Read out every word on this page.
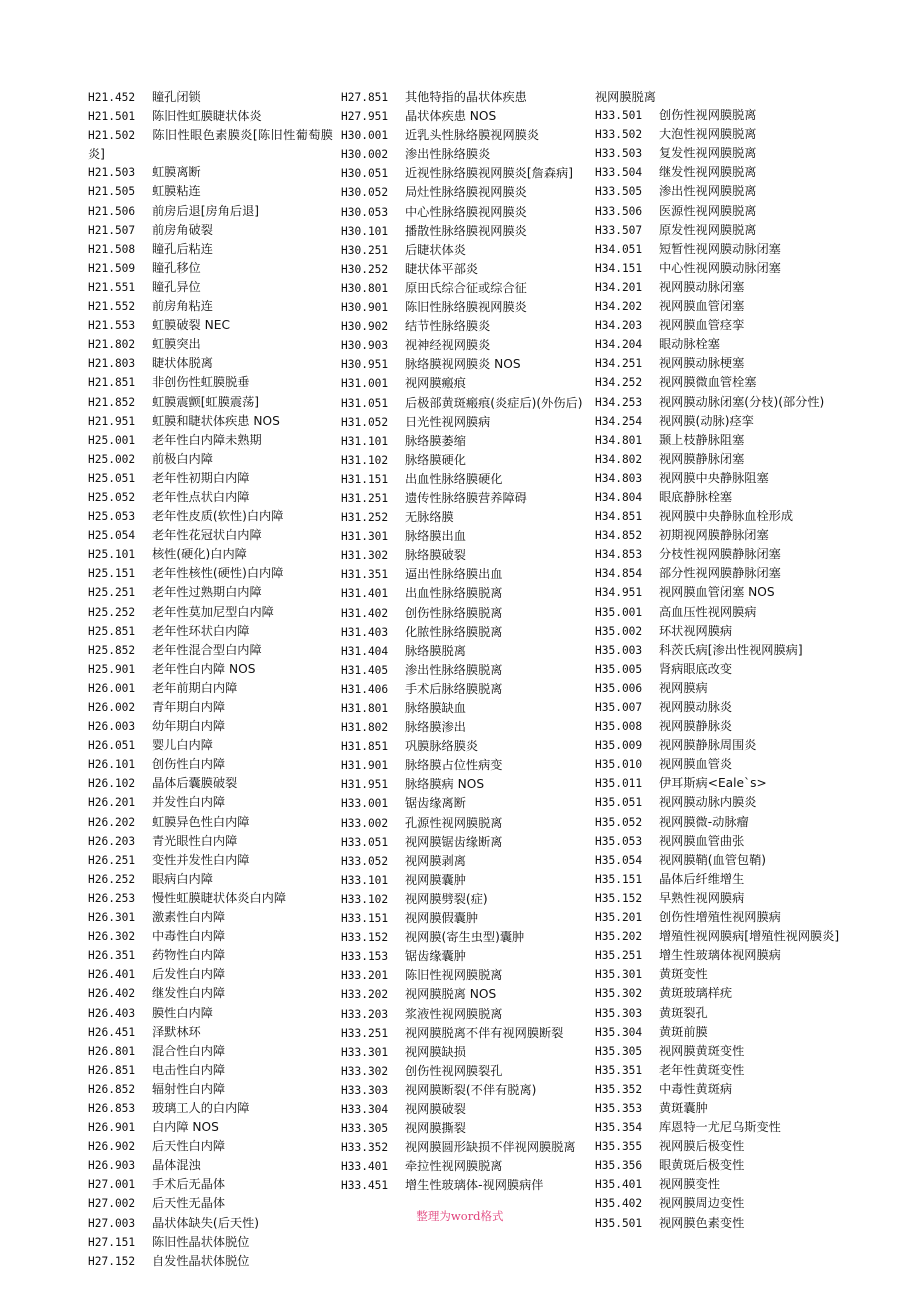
H21.452 瞳孔闭锁
H21.501 陈旧性虹膜睫状体炎
H21.502 陈旧性眼色素膜炎[陈旧性葡萄膜炎]
H21.503 虹膜离断
H21.505 虹膜粘连
H21.506 前房后退[房角后退]
H21.507 前房角破裂
H21.508 瞳孔后粘连
H21.509 瞳孔移位
H21.551 瞳孔异位
H21.552 前房角粘连
H21.553 虹膜破裂 NEC
H21.802 虹膜突出
H21.803 睫状体脱离
H21.851 非创伤性虹膜脱垂
H21.852 虹膜震颤[虹膜震荡]
H21.951 虹膜和睫状体疾患 NOS
H25.001 老年性白内障未熟期
H25.002 前极白内障
H25.051 老年性初期白内障
H25.052 老年性点状白内障
H25.053 老年性皮质(软性)白内障
H25.054 老年性花冠状白内障
H25.101 核性(硬化)白内障
H25.151 老年性核性(硬性)白内障
H25.251 老年性过熟期白内障
H25.252 老年性莫加尼型白内障
H25.851 老年性环状白内障
H25.852 老年性混合型白内障
H25.901 老年性白内障 NOS
H26.001 老年前期白内障
H26.002 青年期白内障
H26.003 幼年期白内障
H26.051 婴儿白内障
H26.101 创伤性白内障
H26.102 晶体后囊膜破裂
H26.201 并发性白内障
H26.202 虹膜异色性白内障
H26.203 青光眼性白内障
H26.251 变性并发性白内障
H26.252 眼病白内障
H26.253 慢性虹膜睫状体炎白内障
H26.301 激素性白内障
H26.302 中毒性白内障
H26.351 药物性白内障
H26.401 后发性白内障
H26.402 继发性白内障
H26.403 膜性白内障
H26.451 泽默林环
H26.801 混合性白内障
H26.851 电击性白内障
H26.852 辐射性白内障
H26.853 玻璃工人的白内障
H26.901 白内障 NOS
H26.902 后天性白内障
H26.903 晶体混浊
H27.001 手术后无晶体
H27.002 后天性无晶体
H27.003 晶状体缺失(后天性)
H27.151 陈旧性晶状体脱位
H27.152 自发性晶状体脱位
H27.851 其他特指的晶状体疾患
H27.951 晶状体疾患 NOS
H30.001 近乳头性脉络膜视网膜炎
H30.002 渗出性脉络膜炎
H30.051 近视性脉络膜视网膜炎[詹森病]
H30.052 局灶性脉络膜视网膜炎
H30.053 中心性脉络膜视网膜炎
H30.101 播散性脉络膜视网膜炎
H30.251 后睫状体炎
H30.252 睫状体平部炎
H30.801 原田氏综合征或综合征
H30.901 陈旧性脉络膜视网膜炎
H30.902 结节性脉络膜炎
H30.903 视神经视网膜炎
H30.951 脉络膜视网膜炎 NOS
H31.001 视网膜瘢痕
H31.051 后极部黄斑瘢痕(炎症后)(外伤后)
H31.052 日光性视网膜病
H31.101 脉络膜萎缩
H31.102 脉络膜硬化
H31.151 出血性脉络膜硬化
H31.251 遗传性脉络膜营养障碍
H31.252 无脉络膜
H31.301 脉络膜出血
H31.302 脉络膜破裂
H31.351 逼出性脉络膜出血
H31.401 出血性脉络膜脱离
H31.402 创伤性脉络膜脱离
H31.403 化脓性脉络膜脱离
H31.404 脉络膜脱离
H31.405 渗出性脉络膜脱离
H31.406 手术后脉络膜脱离
H31.801 脉络膜缺血
H31.802 脉络膜渗出
H31.851 巩膜脉络膜炎
H31.901 脉络膜占位性病变
H31.951 脉络膜病 NOS
H33.001 锯齿缘离断
H33.002 孔源性视网膜脱离
H33.051 视网膜锯齿缘断离
H33.052 视网膜剥离
H33.101 视网膜囊肿
H33.102 视网膜劈裂(症)
H33.151 视网膜假囊肿
H33.152 视网膜(寄生虫型)囊肿
H33.153 锯齿缘囊肿
H33.201 陈旧性视网膜脱离
H33.202 视网膜脱离 NOS
H33.203 浆液性视网膜脱离
H33.251 视网膜脱离不伴有视网膜断裂
H33.301 视网膜缺损
H33.302 创伤性视网膜裂孔
H33.303 视网膜断裂(不伴有脱离)
H33.304 视网膜破裂
H33.305 视网膜撕裂
H33.352 视网膜圆形缺损不伴视网膜脱离
H33.401 牵拉性视网膜脱离
H33.451 增生性玻璃体-视网膜病伴
视网膜脱离
H33.501 创伤性视网膜脱离
H33.502 大泡性视网膜脱离
H33.503 复发性视网膜脱离
H33.504 继发性视网膜脱离
H33.505 渗出性视网膜脱离
H33.506 医源性视网膜脱离
H33.507 原发性视网膜脱离
H34.051 短暂性视网膜动脉闭塞
H34.151 中心性视网膜动脉闭塞
H34.201 视网膜动脉闭塞
H34.202 视网膜血管闭塞
H34.203 视网膜血管痉挛
H34.204 眼动脉栓塞
H34.251 视网膜动脉梗塞
H34.252 视网膜微血管栓塞
H34.253 视网膜动脉闭塞(分枝)(部分性)
H34.254 视网膜(动脉)痉挛
H34.801 颞上枝静脉阻塞
H34.802 视网膜静脉闭塞
H34.803 视网膜中央静脉阻塞
H34.804 眼底静脉栓塞
H34.851 视网膜中央静脉血栓形成
H34.852 初期视网膜静脉闭塞
H34.853 分枝性视网膜静脉闭塞
H34.854 部分性视网膜静脉闭塞
H34.951 视网膜血管闭塞 NOS
H35.001 高血压性视网膜病
H35.002 环状视网膜病
H35.003 科茨氏病[渗出性视网膜病]
H35.005 肾病眼底改变
H35.006 视网膜病
H35.007 视网膜动脉炎
H35.008 视网膜静脉炎
H35.009 视网膜静脉周围炎
H35.010 视网膜血管炎
H35.011 伊耳斯病<Eale`s>
H35.051 视网膜动脉内膜炎
H35.052 视网膜微-动脉瘤
H35.053 视网膜血管曲张
H35.054 视网膜鞘(血管包鞘)
H35.151 晶体后纤维增生
H35.152 早熟性视网膜病
H35.201 创伤性增殖性视网膜病
H35.202 增殖性视网膜病[增殖性视网膜炎]
H35.251 增生性玻璃体视网膜病
H35.301 黄斑变性
H35.302 黄斑玻璃样疣
H35.303 黄斑裂孔
H35.304 黄斑前膜
H35.305 视网膜黄斑变性
H35.351 老年性黄斑变性
H35.352 中毒性黄斑病
H35.353 黄斑囊肿
H35.354 库恩特一尤尼乌斯变性
H35.355 视网膜后极变性
H35.356 眼黄斑后极变性
H35.401 视网膜变性
H35.402 视网膜周边变性
H35.501 视网膜色素变性
整理为word格式
